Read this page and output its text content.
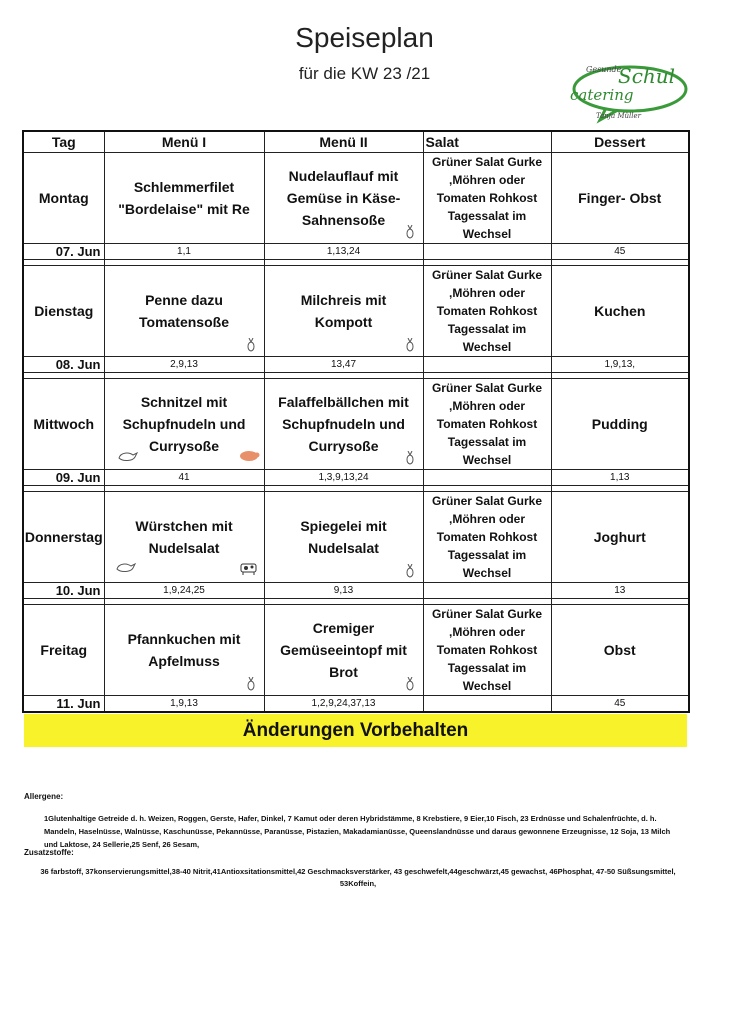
Speiseplan
für die KW 23 /21	Gesunde
Schul
catering
Tanja Müller
Tag	Menü I	Menü II	Salat	Dessert
Montag	Schlemmerfilet "Bordelaise" mit Re	Nudelauflauf mit Gemüse in Käse-Sahnensoße	Grüner Salat Gurke ,Möhren oder Tomaten Rohkost Tagessalat im Wechsel	Finger- Obst
07. Jun	1,1	1,13,24		45

Dienstag	Penne dazu Tomatensoße	Milchreis mit Kompott	Grüner Salat Gurke ,Möhren oder Tomaten Rohkost Tagessalat im Wechsel	Kuchen
08. Jun	2,9,13	13,47		1,9,13,

Mittwoch	Schnitzel mit Schupfnudeln und Currysoße	Falaffelbällchen mit Schupfnudeln und Currysoße	Grüner Salat Gurke ,Möhren oder Tomaten Rohkost Tagessalat im Wechsel	Pudding
09. Jun	41	1,3,9,13,24		1,13

Donnerstag	Würstchen mit Nudelsalat	Spiegelei mit Nudelsalat	Grüner Salat Gurke ,Möhren oder Tomaten Rohkost Tagessalat im Wechsel	Joghurt
10. Jun	1,9,24,25	9,13		13

Freitag	Pfannkuchen mit Apfelmuss	Cremiger Gemüseeintopf mit Brot	Grüner Salat Gurke ,Möhren oder Tomaten Rohkost Tagessalat im Wechsel	Obst
11. Jun	1,9,13	1,2,9,24,37,13		45
Änderungen Vorbehalten
Allergene:
1Glutenhaltige Getreide d. h. Weizen, Roggen, Gerste, Hafer, Dinkel, 7 Kamut oder deren Hybridstämme, 8 Krebstiere, 9 Eier,10 Fisch, 23 Erdnüsse und Schalenfrüchte, d. h. Mandeln, Haselnüsse, Walnüsse, Kaschunüsse, Pekannüsse, Paranüsse, Pistazien, Makadamianüsse, Queenslandnüsse und daraus gewonnene Erzeugnisse, 12 Soja, 13 Milch und Laktose, 24 Sellerie,25 Senf, 26 Sesam,
Zusatzstoffe:
36 farbstoff, 37konservierungsmittel,38-40 Nitrit,41Antioxsitationsmittel,42 Geschmacksverstärker, 43 geschwefelt,44geschwärzt,45 gewachst, 46Phosphat, 47-50 Süßsungsmittel, 53Koffein,
